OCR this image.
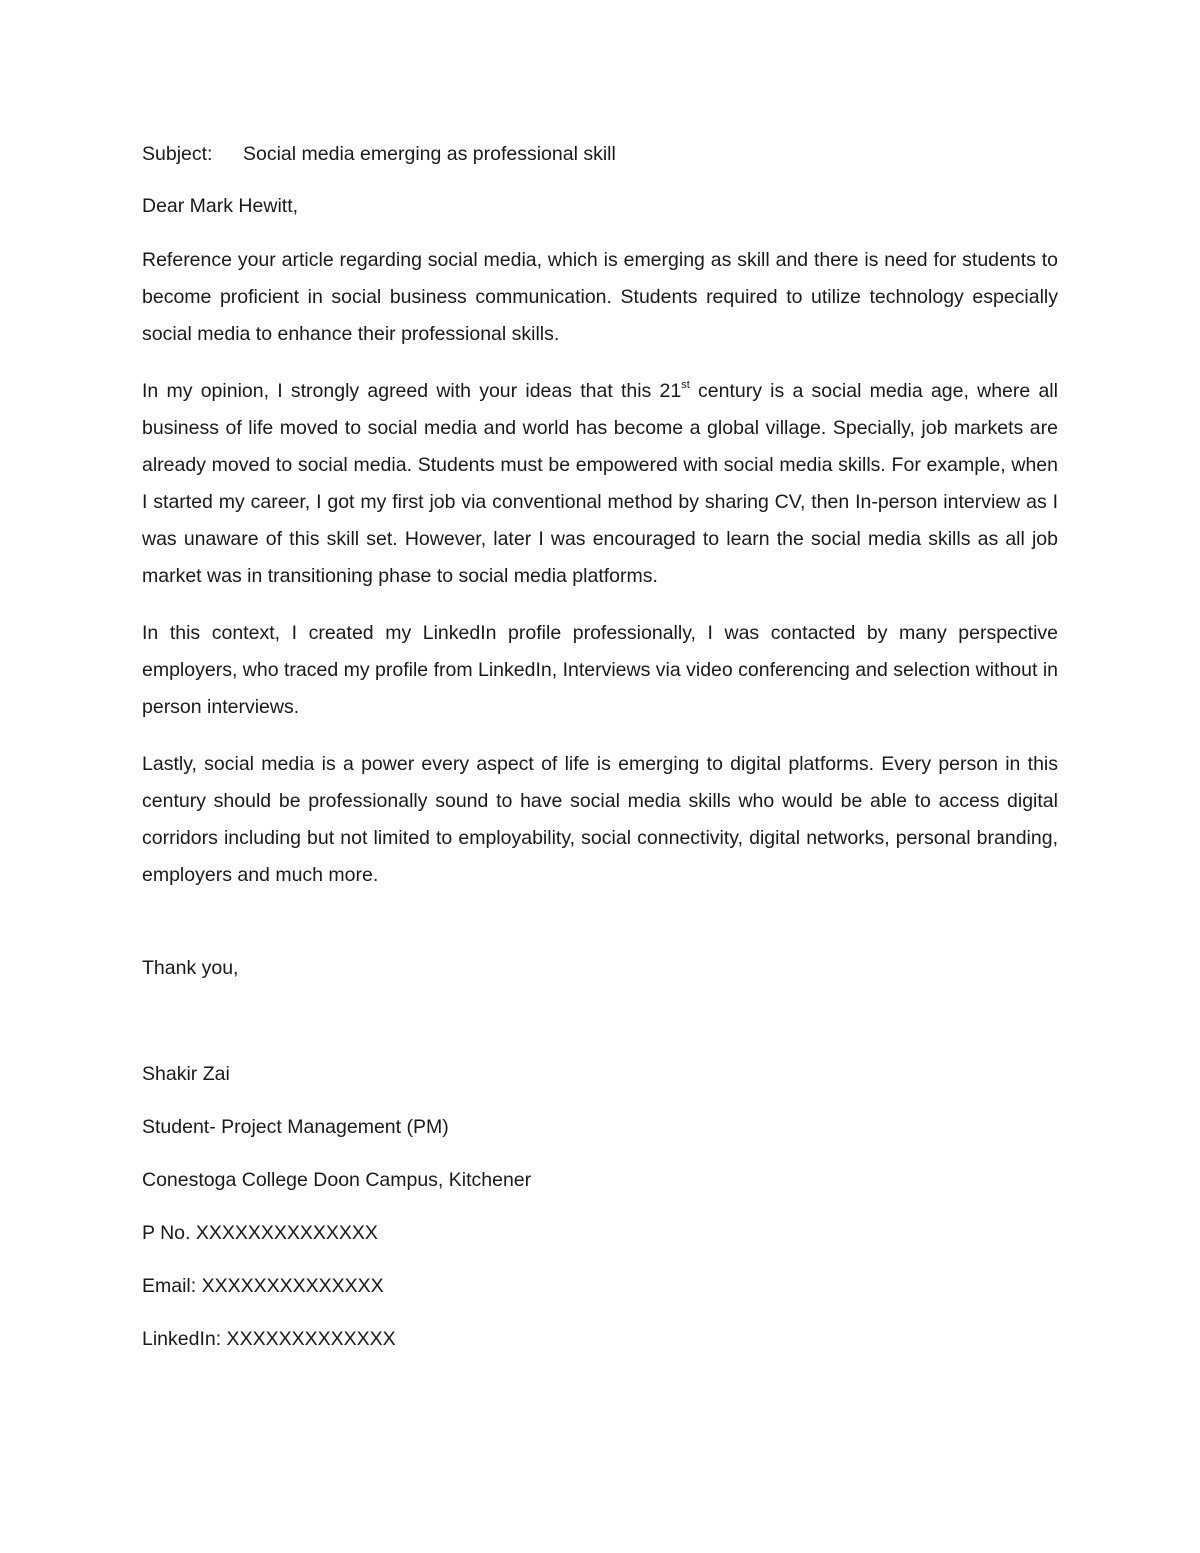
Subject: Social media emerging as professional skill

Dear Mark Hewitt,

Reference your article regarding social media, which is emerging as skill and there is need for students to become proficient in social business communication. Students required to utilize technology especially social media to enhance their professional skills.

In my opinion, I strongly agreed with your ideas that this 21st century is a social media age, where all business of life moved to social media and world has become a global village. Specially, job markets are already moved to social media. Students must be empowered with social media skills. For example, when I started my career, I got my first job via conventional method by sharing CV, then In-person interview as I was unaware of this skill set. However, later I was encouraged to learn the social media skills as all job market was in transitioning phase to social media platforms.

In this context, I created my LinkedIn profile professionally, I was contacted by many perspective employers, who traced my profile from LinkedIn, Interviews via video conferencing and selection without in person interviews.

Lastly, social media is a power every aspect of life is emerging to digital platforms. Every person in this century should be professionally sound to have social media skills who would be able to access digital corridors including but not limited to employability, social connectivity, digital networks, personal branding, employers and much more.

Thank you,

Shakir Zai

Student- Project Management (PM)

Conestoga College Doon Campus, Kitchener

P No. XXXXXXXXXXXXXX

Email: XXXXXXXXXXXXXX

LinkedIn: XXXXXXXXXXXXX
